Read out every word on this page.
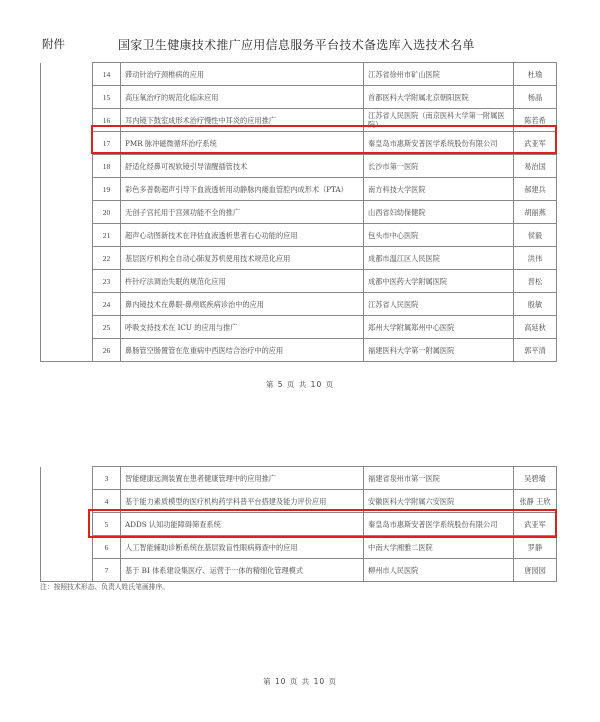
附件	国家卫生健康技术推广应用信息服务平台技术备选库入选技术名单
	14	滞动针治疗颈椎病的应用	江苏省徐州市矿山医院	杜瑜
	15	高压氧治疗的规范化临床应用	首都医科大学附属北京朝阳医院	杨晶
	16	耳内镜下鼓室成形术治疗慢性中耳炎的应用推广	江苏省人民医院（南京医科大学第一附属医院）	陈若希
	17	PMR 脉冲磁微循环治疗系统	秦皇岛市惠斯安普医学系统股份有限公司	武亚军
	18	舒适化经鼻可视软镜引导清醒插管技术	长沙市第一医院	易治国
	19	彩色多普勒超声引导下血液透析用动静脉内瘘血管腔内成形术（PTA）	南方科技大学医院	郝建兵
	20	无创子宫托用于宫颈功能不全的推广	山西省妇幼保健院	胡丽燕
	21	超声心动图新技术在评估血液透析患者右心功能的应用	包头市中心医院	侯毅
	22	基层医疗机构全自动心肺复苏机使用技术规范化应用	成都市温江区人民医院	洪伟
	23	杵针疗法调治失眠的规范化应用	成都中医药大学附属医院	晋松
	24	鼻内镜技术在鼻眼-鼻颅底疾病诊治中的应用	江苏省人民医院	殷敏
	25	呼吸支持技术在 ICU 的应用与推广	郑州大学附属郑州中心医院	高延秋
	26	鼻肠管空肠置管在危重病中西医结合治疗中的应用	福建医科大学第一附属医院	郭平清
第 5 页 共 10 页
	3	智能健康远测装置在患者健康管理中的应用推广	福建省泉州市第一医院	吴碧瑜
	4	基于能力素质模型的医疗机构药学科普平台搭建及能力评价应用	安徽医科大学附属六安医院	张静 王欣
	5	ADDS 认知功能障碍筛查系统	秦皇岛市惠斯安普医学系统股份有限公司	武亚军
	6	人工智能辅助诊断系统在基层致盲性眼病筛查中的应用	中南大学湘雅二医院	罗静
	7	基于 BI 体系建设集医疗、运营于一体的精细化管理模式	柳州市人民医院	唐园园
注：按照技术形态、负责人姓氏笔画排序。
第 10 页 共 10 页
